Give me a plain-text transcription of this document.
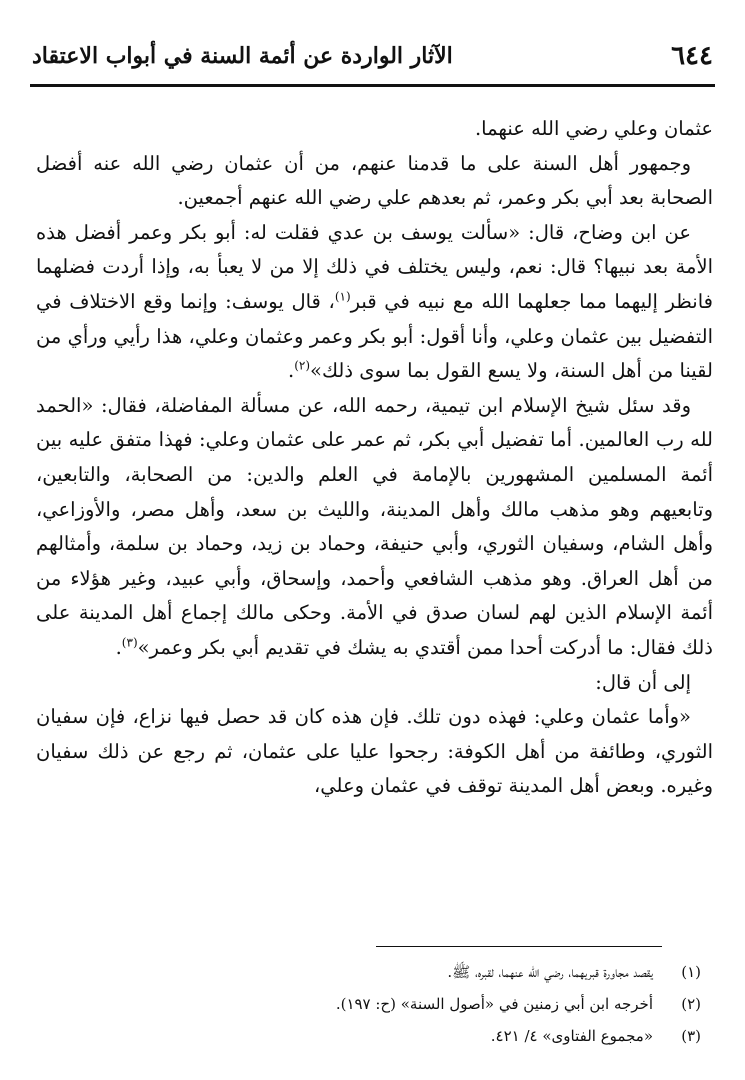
٦٤٤
الآثار الواردة عن أئمة السنة في أبواب الاعتقاد

عثمان وعلي رضي الله عنهما.

وجمهور أهل السنة على ما قدمنا عنهم، من أن عثمان رضي الله عنه أفضل الصحابة بعد أبي بكر وعمر، ثم بعدهم علي رضي الله عنهم أجمعين.

عن ابن وضاح، قال: «سألت يوسف بن عدي فقلت له: أبو بكر وعمر أفضل هذه الأمة بعد نبيها؟ قال: نعم، وليس يختلف في ذلك إلا من لا يعبأ به، وإذا أردت فضلهما فانظر إليهما مما جعلهما الله مع نبيه في قبر$^{(١)}$، قال يوسف: وإنما وقع الاختلاف في التفضيل بين عثمان وعلي، وأنا أقول: أبو بكر وعمر وعثمان وعلي، هذا رأيي ورأي من لقينا من أهل السنة، ولا يسع القول بما سوى ذلك»$^{(٢)}$.

وقد سئل شيخ الإسلام ابن تيمية، رحمه الله، عن مسألة المفاضلة، فقال: «الحمد لله رب العالمين. أما تفضيل أبي بكر، ثم عمر على عثمان وعلي: فهذا متفق عليه بين أئمة المسلمين المشهورين بالإمامة في العلم والدين: من الصحابة، والتابعين، وتابعيهم وهو مذهب مالك وأهل المدينة، والليث بن سعد، وأهل مصر، والأوزاعي، وأهل الشام، وسفيان الثوري، وأبي حنيفة، وحماد بن زيد، وحماد بن سلمة، وأمثالهم من أهل العراق. وهو مذهب الشافعي وأحمد، وإسحاق، وأبي عبيد، وغير هؤلاء من أئمة الإسلام الذين لهم لسان صدق في الأمة. وحكى مالك إجماع أهل المدينة على ذلك فقال: ما أدركت أحدا ممن أقتدي به يشك في تقديم أبي بكر وعمر»$^{(٣)}$.

إلى أن قال:

«وأما عثمان وعلي: فهذه دون تلك. فإن هذه كان قد حصل فيها نزاع، فإن سفيان الثوري، وطائفة من أهل الكوفة: رجحوا عليا على عثمان، ثم رجع عن ذلك سفيان وغيره. وبعض أهل المدينة توقف في عثمان وعلي،

(١)
يقصد مجاورة قبريهما، رضي الله عنهما، لقبره، ﷺ.
(٢)
أخرجه ابن أبي زمنين في «أصول السنة» (ح: ١٩٧).
(٣)
«مجموع الفتاوى» ٤/ ٤٢١.
